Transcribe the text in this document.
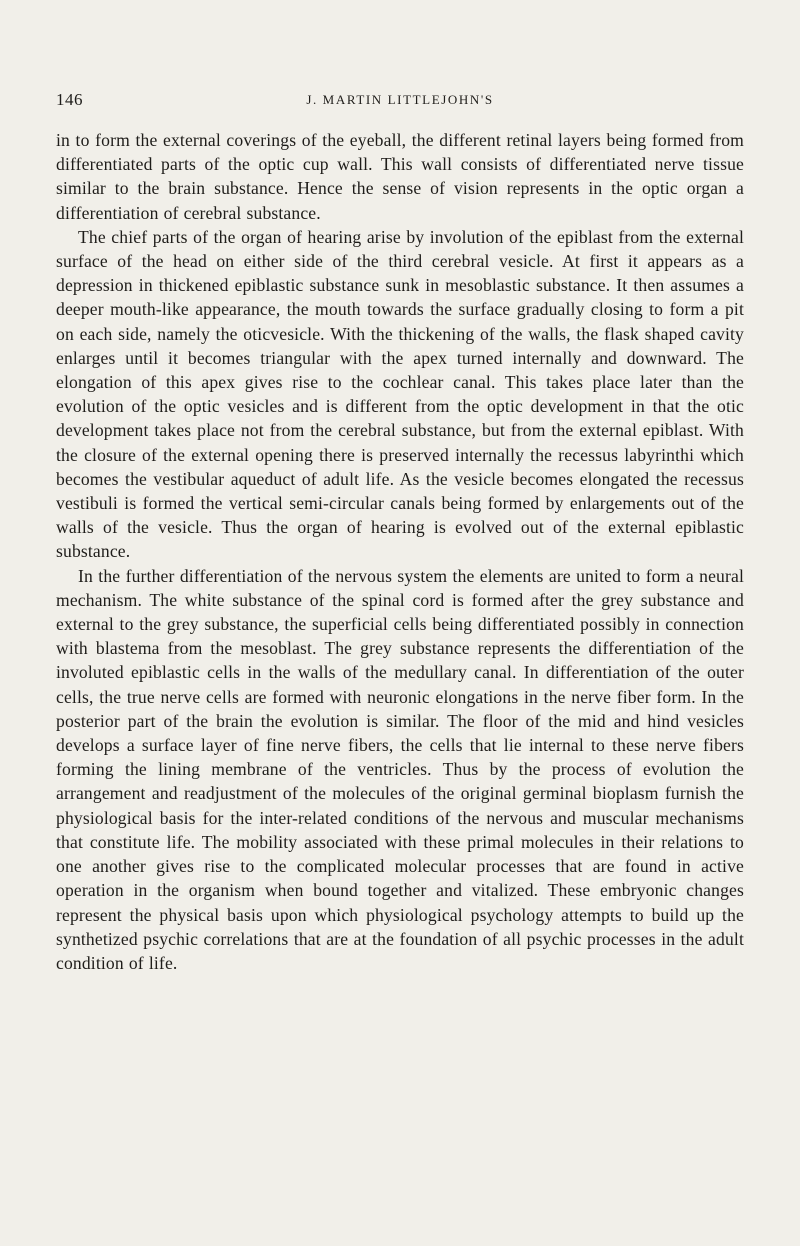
146	J. MARTIN LITTLEJOHN'S

in to form the external coverings of the eyeball, the different retinal layers being formed from differentiated parts of the optic cup wall. This wall consists of differentiated nerve tissue similar to the brain substance. Hence the sense of vision represents in the optic organ a differentiation of cerebral substance.

The chief parts of the organ of hearing arise by involution of the epiblast from the external surface of the head on either side of the third cerebral vesicle. At first it appears as a depression in thickened epiblastic substance sunk in mesoblastic substance. It then assumes a deeper mouth-like appearance, the mouth towards the surface gradually closing to form a pit on each side, namely the oticvesicle. With the thickening of the walls, the flask shaped cavity enlarges until it becomes triangular with the apex turned internally and downward. The elongation of this apex gives rise to the cochlear canal. This takes place later than the evolution of the optic vesicles and is different from the optic development in that the otic development takes place not from the cerebral substance, but from the external epiblast. With the closure of the external opening there is preserved internally the recessus labyrinthi which becomes the vestibular aqueduct of adult life. As the vesicle becomes elongated the recessus vestibuli is formed the vertical semi-circular canals being formed by enlargements out of the walls of the vesicle. Thus the organ of hearing is evolved out of the external epiblastic substance.

In the further differentiation of the nervous system the elements are united to form a neural mechanism. The white substance of the spinal cord is formed after the grey substance and external to the grey substance, the superficial cells being differentiated possibly in connection with blastema from the mesoblast. The grey substance represents the differentiation of the involuted epiblastic cells in the walls of the medullary canal. In differentiation of the outer cells, the true nerve cells are formed with neuronic elongations in the nerve fiber form. In the posterior part of the brain the evolution is similar. The floor of the mid and hind vesicles develops a surface layer of fine nerve fibers, the cells that lie internal to these nerve fibers forming the lining membrane of the ventricles. Thus by the process of evolution the arrangement and readjustment of the molecules of the original germinal bioplasm furnish the physiological basis for the inter-related conditions of the nervous and muscular mechanisms that constitute life. The mobility associated with these primal molecules in their relations to one another gives rise to the complicated molecular processes that are found in active operation in the organism when bound together and vitalized. These embryonic changes represent the physical basis upon which physiological psychology attempts to build up the synthetized psychic correlations that are at the foundation of all psychic processes in the adult condition of life.
